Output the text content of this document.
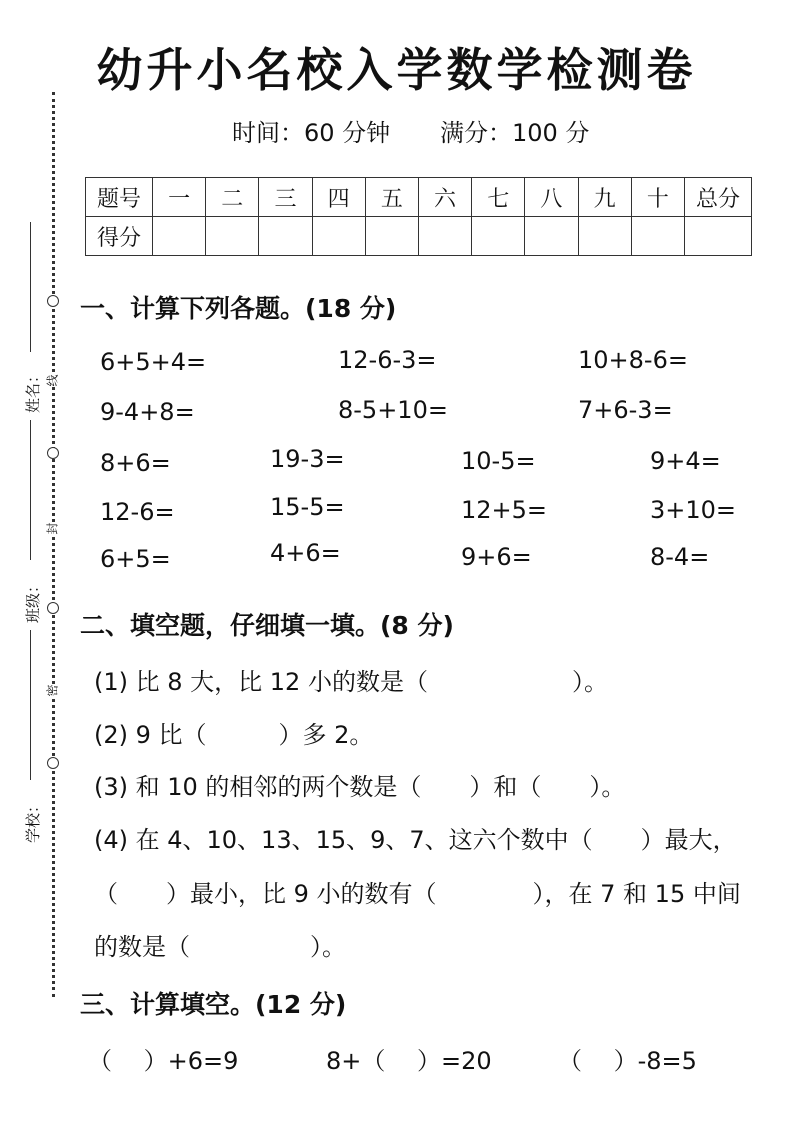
幼升小名校入学数学检测卷
时间：60 分钟 满分：100 分
题号	一	二	三	四	五	六	七	八	九	十	总分
得分											
线
封
密
姓名：
班级：
学校：
一、计算下列各题。(18 分)
6+5+4=	12-6-3=	10+8-6=
9-4+8=	8-5+10=	7+6-3=
8+6=	19-3=	10-5=	9+4=
12-6=	15-5=	12+5=	3+10=
6+5=	4+6=	9+6=	8-4=
二、填空题，仔细填一填。(8 分)
(1) 比 8 大，比 12 小的数是（　　　　　　）。
(2) 9 比（　　　）多 2。
(3) 和 10 的相邻的两个数是（　　）和（　　）。
(4) 在 4、10、13、15、9、7、这六个数中（　　）最大，
（　　）最小，比 9 小的数有（　　　　），在 7 和 15 中间
的数是（　　　　　）。
三、计算填空。(12 分)
（　 ）+6=9	8+（　 ）=20	（　 ）-8=5
